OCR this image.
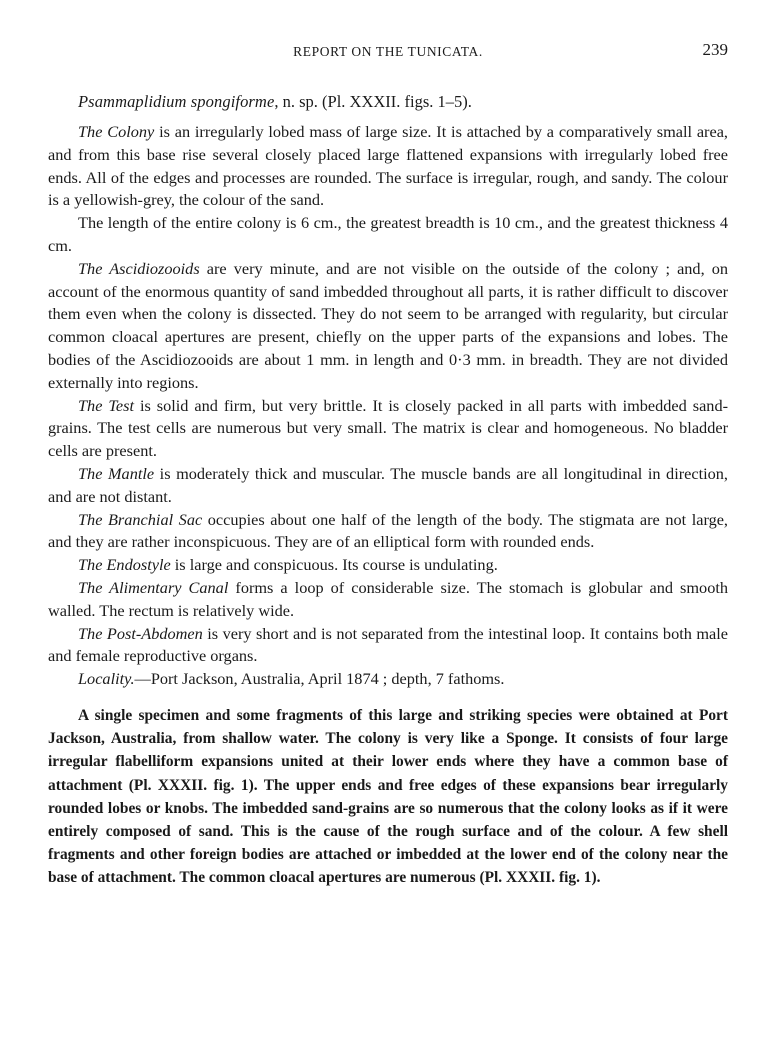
REPORT ON THE TUNICATA.	239
Psammaplidium spongiforme, n. sp. (Pl. XXXII. figs. 1–5).

The Colony is an irregularly lobed mass of large size. It is attached by a comparatively small area, and from this base rise several closely placed large flattened expansions with irregularly lobed free ends. All of the edges and processes are rounded. The surface is irregular, rough, and sandy. The colour is a yellowish-grey, the colour of the sand.

The length of the entire colony is 6 cm., the greatest breadth is 10 cm., and the greatest thickness 4 cm.

The Ascidiozooids are very minute, and are not visible on the outside of the colony ; and, on account of the enormous quantity of sand imbedded throughout all parts, it is rather difficult to discover them even when the colony is dissected. They do not seem to be arranged with regularity, but circular common cloacal apertures are present, chiefly on the upper parts of the expansions and lobes. The bodies of the Ascidiozooids are about 1 mm. in length and 0·3 mm. in breadth. They are not divided externally into regions.

The Test is solid and firm, but very brittle. It is closely packed in all parts with imbedded sand-grains. The test cells are numerous but very small. The matrix is clear and homogeneous. No bladder cells are present.

The Mantle is moderately thick and muscular. The muscle bands are all longitudinal in direction, and are not distant.

The Branchial Sac occupies about one half of the length of the body. The stigmata are not large, and they are rather inconspicuous. They are of an elliptical form with rounded ends.

The Endostyle is large and conspicuous. Its course is undulating.

The Alimentary Canal forms a loop of considerable size. The stomach is globular and smooth walled. The rectum is relatively wide.

The Post-Abdomen is very short and is not separated from the intestinal loop. It contains both male and female reproductive organs.

Locality.—Port Jackson, Australia, April 1874 ; depth, 7 fathoms.

A single specimen and some fragments of this large and striking species were obtained at Port Jackson, Australia, from shallow water. The colony is very like a Sponge. It consists of four large irregular flabelliform expansions united at their lower ends where they have a common base of attachment (Pl. XXXII. fig. 1). The upper ends and free edges of these expansions bear irregularly rounded lobes or knobs. The imbedded sand-grains are so numerous that the colony looks as if it were entirely composed of sand. This is the cause of the rough surface and of the colour. A few shell fragments and other foreign bodies are attached or imbedded at the lower end of the colony near the base of attachment. The common cloacal apertures are numerous (Pl. XXXII. fig. 1).
